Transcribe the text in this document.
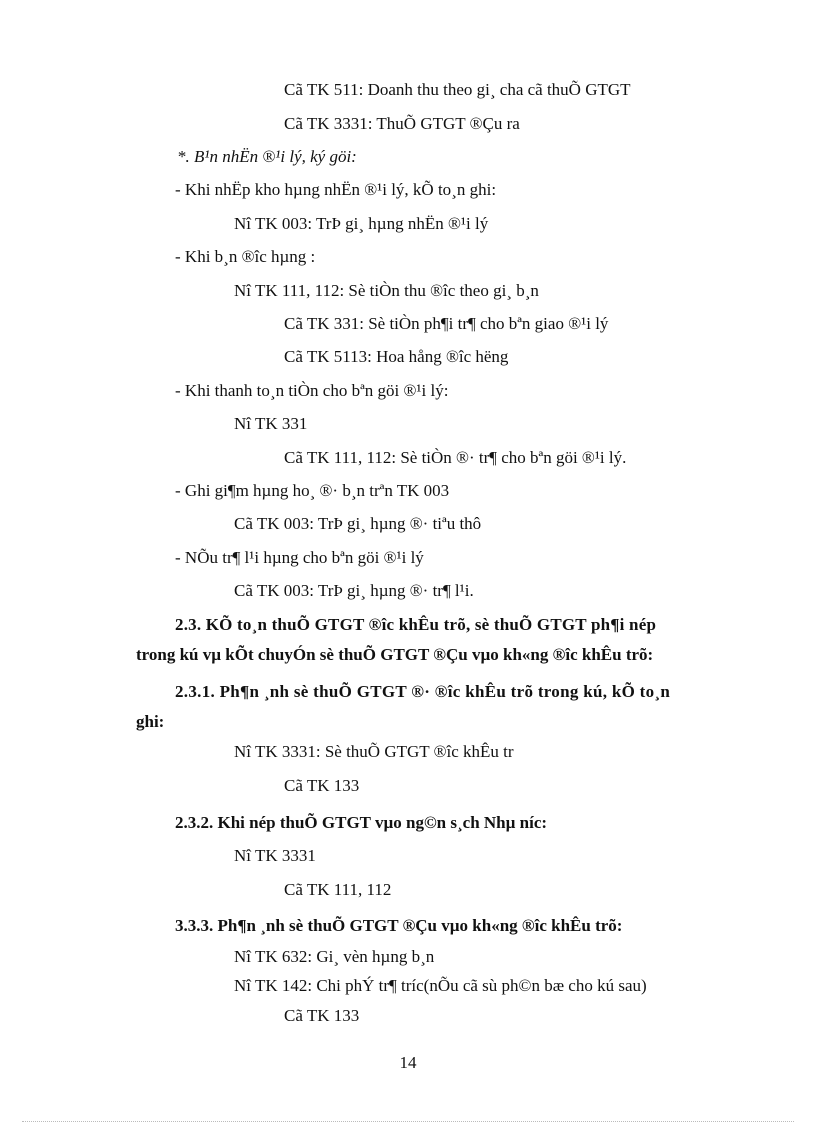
Cã TK 511: Doanh thu theo gi¸ cha cã thuÕ GTGT
Cã TK 3331: ThuÕ GTGT ®Çu ra
*. B¹n nhËn ®¹i lý, ký göi:
- Khi nhËp kho hµng nhËn ®¹i lý, kÕ to¸n ghi:
Nî TK 003: TrÞ gi¸ hµng nhËn ®¹i lý
- Khi b¸n ®îc hµng :
Nî TK 111, 112: Sè tiÒn thu ®îc theo gi¸ b¸n
Cã TK 331: Sè tiÒn ph¶i tr¶ cho bªn giao ®¹i lý
Cã TK 5113: Hoa hång ®îc hëng
- Khi thanh to¸n tiÒn cho bªn göi ®¹i lý:
Nî TK 331
Cã TK 111, 112: Sè tiÒn ®· tr¶ cho bªn göi ®¹i lý.
- Ghi gi¶m hµng ho¸ ®· b¸n trªn TK 003
Cã TK 003: TrÞ gi¸ hµng ®· tiªu thô
- NÕu tr¶ l¹i hµng cho bªn göi ®¹i lý
Cã TK 003: TrÞ gi¸ hµng ®· tr¶ l¹i.
2.3. KÕ to¸n thuÕ GTGT ®îc khÊu trõ, sè thuÕ GTGT ph¶i nép
trong kú vµ kÕt chuyÓn sè thuÕ GTGT ®Çu vµo kh«ng ®îc khÊu trõ:
2.3.1. Ph¶n ¸nh sè thuÕ GTGT ®· ®îc khÊu trõ trong kú, kÕ to¸n
ghi:
Nî TK 3331: Sè thuÕ GTGT ®îc khÊu tr
Cã TK 133
2.3.2. Khi nép thuÕ GTGT vµo ng©n s¸ch Nhµ níc:
Nî TK 3331
Cã TK 111, 112
3.3.3. Ph¶n ¸nh sè thuÕ GTGT ®Çu vµo kh«ng ®îc khÊu trõ:
Nî TK 632: Gi¸ vèn hµng b¸n
Nî TK 142: Chi phÝ tr¶ tríc(nÕu cã sù ph©n bæ cho kú sau)
Cã TK 133
14
